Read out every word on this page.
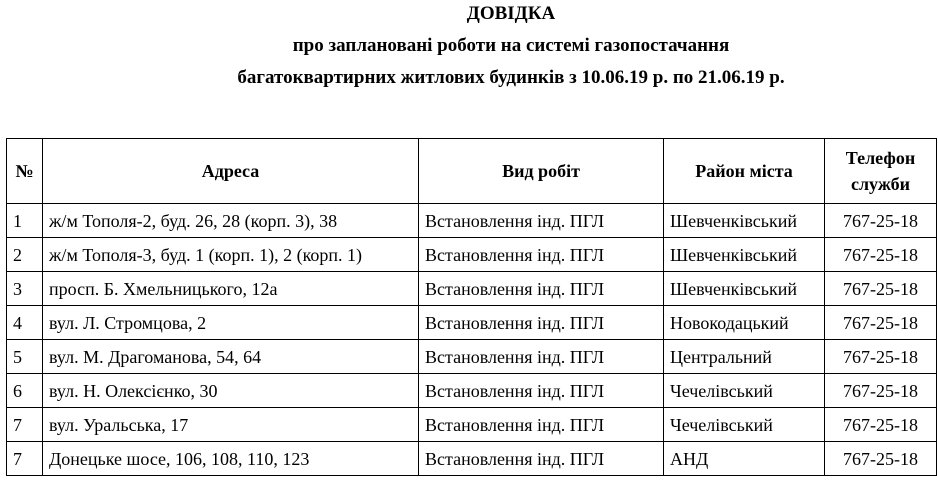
ДОВІДКА
про заплановані роботи на системі газопостачання
багатоквартирних житлових будинків з 10.06.19 р. по 21.06.19 р.
№	Адреса	Вид робіт	Район міста	Телефон
служби
1	ж/м Тополя-2, буд. 26, 28 (корп. 3), 38	Встановлення інд. ПГЛ	Шевченківський	767-25-18
2	ж/м Тополя-3, буд. 1 (корп. 1), 2 (корп. 1)	Встановлення інд. ПГЛ	Шевченківський	767-25-18
3	просп. Б. Хмельницького, 12а	Встановлення інд. ПГЛ	Шевченківський	767-25-18
4	вул. Л. Стромцова, 2	Встановлення інд. ПГЛ	Новокодацький	767-25-18
5	вул. М. Драгоманова, 54, 64	Встановлення інд. ПГЛ	Центральний	767-25-18
6	вул. Н. Олексієнко, 30	Встановлення інд. ПГЛ	Чечелівський	767-25-18
7	вул. Уральська, 17	Встановлення інд. ПГЛ	Чечелівський	767-25-18
7	Донецьке шосе, 106, 108, 110, 123	Встановлення інд. ПГЛ	АНД	767-25-18
